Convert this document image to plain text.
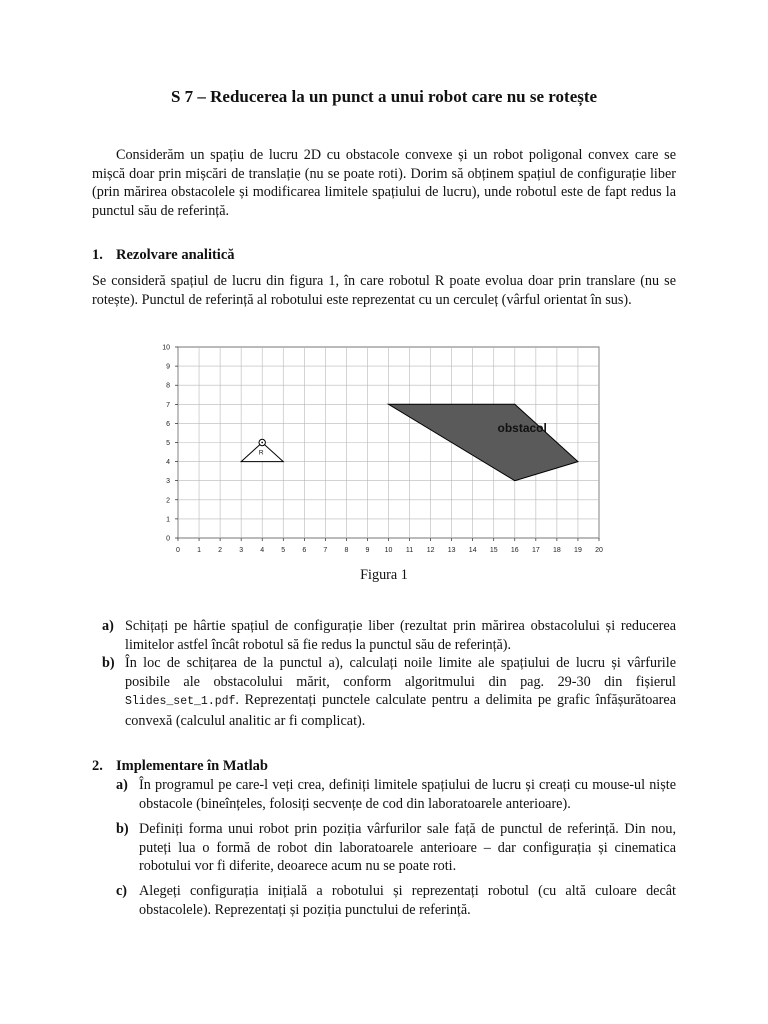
S 7 – Reducerea la un punct a unui robot care nu se rotește
Considerăm un spațiu de lucru 2D cu obstacole convexe și un robot poligonal convex care se mișcă doar prin mișcări de translație (nu se poate roti). Dorim să obținem spațiul de configurație liber (prin mărirea obstacolele și modificarea limitele spațiului de lucru), unde robotul este de fapt redus la punctul său de referință.
1. Rezolvare analitică
Se consideră spațiul de lucru din figura 1, în care robotul R poate evolua doar prin translare (nu se rotește). Punctul de referință al robotului este reprezentat cu un cerculeț (vârful orientat în sus).
obstacol
R
0 1 2 3 4 5 6 7 8 9 10 11 12 13 14 15 16 17 18 19 20
0
1
2
3
4
5
6
7
8
9
10
Figura 1
a) Schițați pe hârtie spațiul de configurație liber (rezultat prin mărirea obstacolului și reducerea limitelor astfel încât robotul să fie redus la punctul său de referință).
b) În loc de schițarea de la punctul a), calculați noile limite ale spațiului de lucru și vârfurile posibile ale obstacolului mărit, conform algoritmului din pag. 29-30 din fișierul Slides_set_1.pdf. Reprezentați punctele calculate pentru a delimita pe grafic înfășurătoarea convexă (calculul analitic ar fi complicat).
2. Implementare în Matlab
a) În programul pe care-l veți crea, definiți limitele spațiului de lucru și creați cu mouse-ul niște obstacole (bineînțeles, folosiți secvențe de cod din laboratoarele anterioare).
b) Definiți forma unui robot prin poziția vârfurilor sale față de punctul de referință. Din nou, puteți lua o formă de robot din laboratoarele anterioare – dar configurația și cinematica robotului vor fi diferite, deoarece acum nu se poate roti.
c) Alegeți configurația inițială a robotului și reprezentați robotul (cu altă culoare decât obstacolele). Reprezentați și poziția punctului de referință.
